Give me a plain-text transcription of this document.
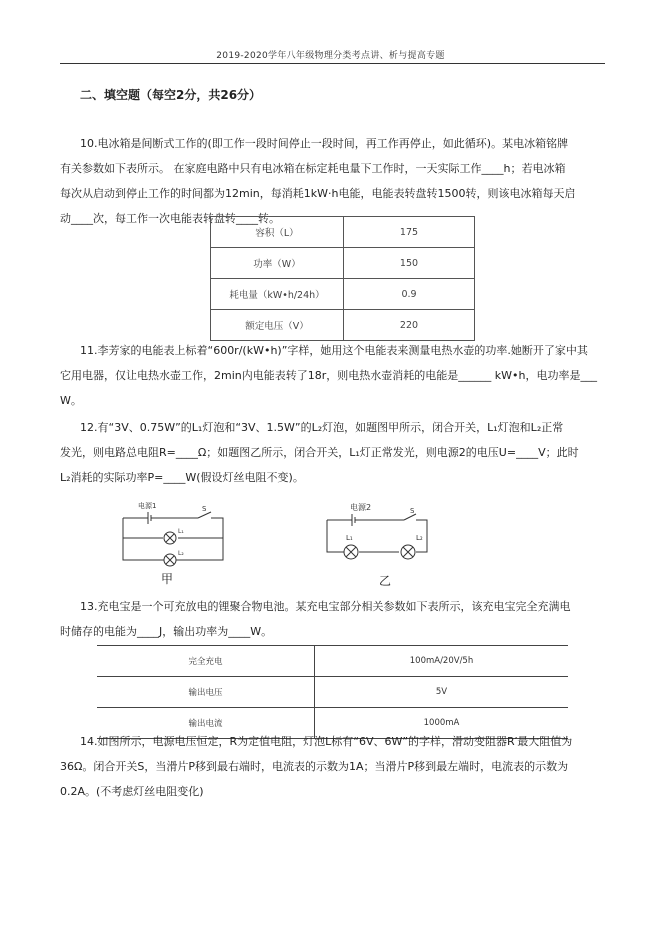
2019-2020学年八年级物理分类考点讲、析与提高专题
二、填空题（每空2分，共26分）
10.电冰箱是间断式工作的(即工作一段时间停止一段时间，再工作再停止，如此循环)。某电冰箱铭牌
有关参数如下表所示。 在家庭电路中只有电冰箱在标定耗电量下工作时，一天实际工作____h；若电冰箱
每次从启动到停止工作的时间都为12min，每消耗1kW·h电能，电能表转盘转1500转，则该电冰箱每天启
动____次，每工作一次电能表转盘转____转。
容积（L）	175
功率（W）	150
耗电量（kW•h/24h）	0.9
额定电压（V）	220
11.李芳家的电能表上标着“600r/(kW•h)”字样，她用这个电能表来测量电热水壶的功率.她断开了家中其
它用电器，仅让电热水壶工作，2min内电能表转了18r，则电热水壶消耗的电能是______ kW•h，电功率是___
W。
12.有“3V、0.75W”的L₁灯泡和“3V、1.5W”的L₂灯泡，如题图甲所示，闭合开关，L₁灯泡和L₂正常
发光，则电路总电阻R=____Ω；如题图乙所示，闭合开关，L₁灯正常发光，则电源2的电压U=____V；此时
L₂消耗的实际功率P=____W(假设灯丝电阻不变)。
电源1	S
L₁
L₂
电源2	S
L₁	L₂
甲	乙
13.充电宝是一个可充放电的锂聚合物电池。某充电宝部分相关参数如下表所示，该充电宝完全充满电
时储存的电能为____J，输出功率为____W。
完全充电	100mA/20V/5h
输出电压	5V
输出电流	1000mA
14.如图所示，电源电压恒定，R为定值电阻，灯泡L标有“6V、6W”的字样，滑动变阻器R′最大阻值为
36Ω。闭合开关S，当滑片P移到最右端时，电流表的示数为1A；当滑片P移到最左端时，电流表的示数为
0.2A。(不考虑灯丝电阻变化)
